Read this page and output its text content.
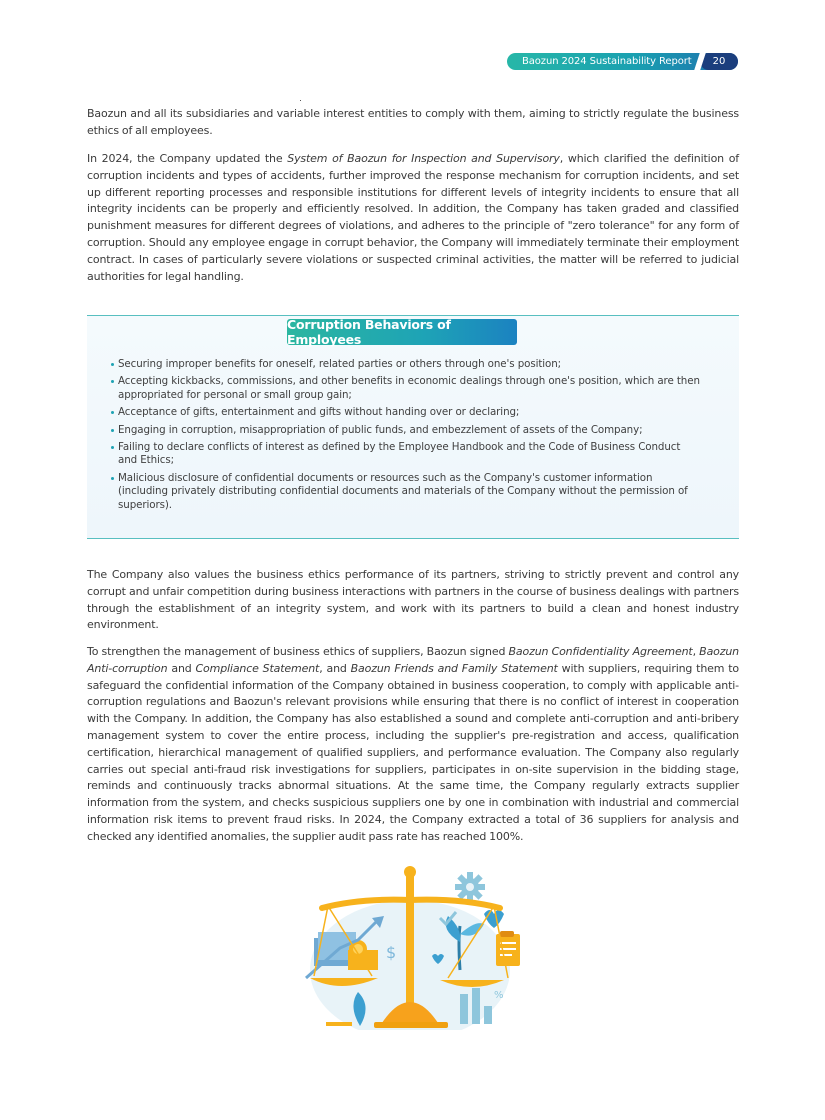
Baozun 2024 Sustainability Report	20

Baozun and all its subsidiaries and variable interest entities to comply with them, aiming to strictly regulate the business ethics of all employees.

In 2024, the Company updated the System of Baozun for Inspection and Supervisory, which clarified the definition of corruption incidents and types of accidents, further improved the response mechanism for corruption incidents, and set up different reporting processes and responsible institutions for different levels of integrity incidents to ensure that all integrity incidents can be properly and efficiently resolved. In addition, the Company has taken graded and classified punishment measures for different degrees of violations, and adheres to the principle of "zero tolerance" for any form of corruption. Should any employee engage in corrupt behavior, the Company will immediately terminate their employment contract. In cases of particularly severe violations or suspected criminal activities, the matter will be referred to judicial authorities for legal handling.

Corruption Behaviors of Employees
Securing improper benefits for oneself, related parties or others through one's position;
Accepting kickbacks, commissions, and other benefits in economic dealings through one's position, which are then appropriated for personal or small group gain;
Acceptance of gifts, entertainment and gifts without handing over or declaring;
Engaging in corruption, misappropriation of public funds, and embezzlement of assets of the Company;
Failing to declare conflicts of interest as defined by the Employee Handbook and the Code of Business Conduct and Ethics;
Malicious disclosure of confidential documents or resources such as the Company's customer information (including privately distributing confidential documents and materials of the Company without the permission of superiors).

The Company also values the business ethics performance of its partners, striving to strictly prevent and control any corrupt and unfair competition during business interactions with partners in the course of business dealings with partners through the establishment of an integrity system, and work with its partners to build a clean and honest industry environment.

To strengthen the management of business ethics of suppliers, Baozun signed Baozun Confidentiality Agreement, Baozun Anti-corruption and Compliance Statement, and Baozun Friends and Family Statement with suppliers, requiring them to safeguard the confidential information of the Company obtained in business cooperation, to comply with applicable anti-corruption regulations and Baozun's relevant provisions while ensuring that there is no conflict of interest in cooperation with the Company. In addition, the Company has also established a sound and complete anti-corruption and anti-bribery management system to cover the entire process, including the supplier's pre-registration and access, qualification certification, hierarchical management of qualified suppliers, and performance evaluation. The Company also regularly carries out special anti-fraud risk investigations for suppliers, participates in on-site supervision in the bidding stage, reminds and continuously tracks abnormal situations. At the same time, the Company regularly extracts supplier information from the system, and checks suspicious suppliers one by one in combination with industrial and commercial information risk items to prevent fraud risks. In 2024, the Company extracted a total of 36 suppliers for analysis and checked any identified anomalies, the supplier audit pass rate has reached 100%.

$
%
